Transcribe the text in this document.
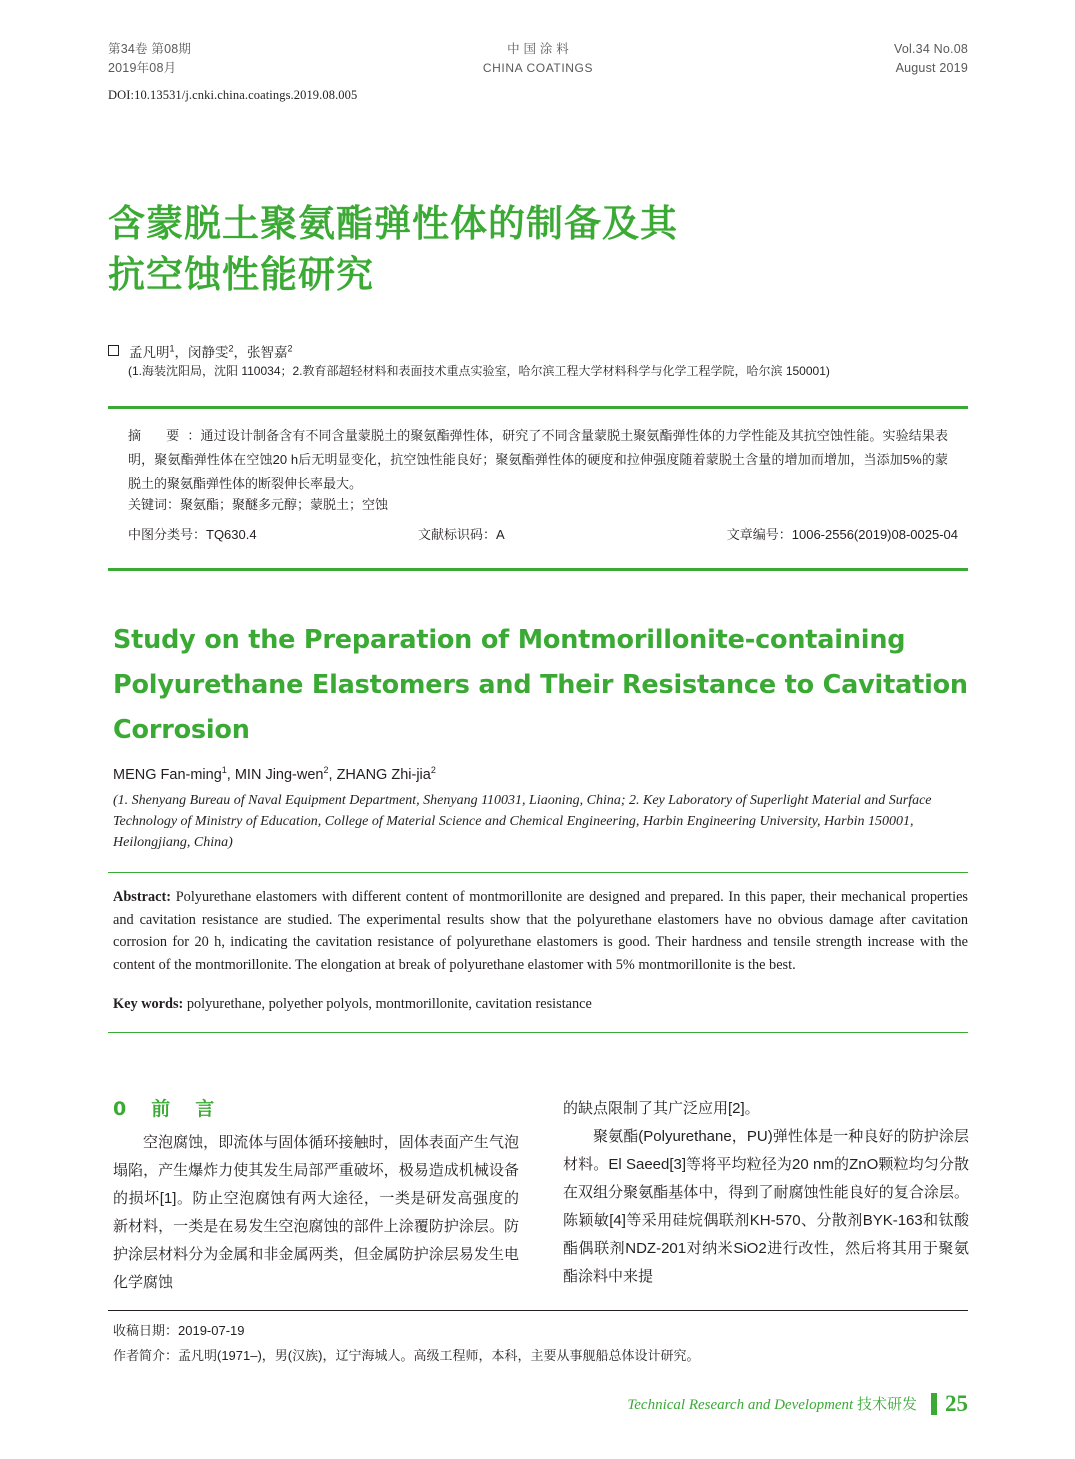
第34卷 第08期
2019年08月
中 国 涂 料
CHINA COATINGS
Vol.34 No.08
August 2019
DOI:10.13531/j.cnki.china.coatings.2019.08.005
含蒙脱土聚氨酯弹性体的制备及其
抗空蚀性能研究
孟凡明$^1$，闵静雯$^2$，张智嘉$^2$
(1.海装沈阳局，沈阳 110034；2.教育部超轻材料和表面技术重点实验室，哈尔滨工程大学材料科学与化学工程学院，哈尔滨 150001)
摘　要 ：通过设计制备含有不同含量蒙脱土的聚氨酯弹性体，研究了不同含量蒙脱土聚氨酯弹性体的力学性能及其抗空蚀性能。实验结果表明，聚氨酯弹性体在空蚀20 h后无明显变化，抗空蚀性能良好；聚氨酯弹性体的硬度和拉伸强度随着蒙脱土含量的增加而增加，当添加5%的蒙脱土的聚氨酯弹性体的断裂伸长率最大。
关键词：聚氨酯；聚醚多元醇；蒙脱土；空蚀
中图分类号：TQ630.4	文献标识码：A	文章编号：1006-2556(2019)08-0025-04
Study on the Preparation of Montmorillonite-containing
Polyurethane Elastomers and Their Resistance to Cavitation
Corrosion
MENG Fan-ming$^1$, MIN Jing-wen$^2$, ZHANG Zhi-jia$^2$
(1. Shenyang Bureau of Naval Equipment Department, Shenyang 110031, Liaoning, China; 2. Key Laboratory of Superlight Material and Surface Technology of Ministry of Education, College of Material Science and Chemical Engineering, Harbin Engineering University, Harbin 150001, Heilongjiang, China)
Abstract: Polyurethane elastomers with different content of montmorillonite are designed and prepared. In this paper, their mechanical properties and cavitation resistance are studied. The experimental results show that the polyurethane elastomers have no obvious damage after cavitation corrosion for 20 h, indicating the cavitation resistance of polyurethane elastomers is good. Their hardness and tensile strength increase with the content of the montmorillonite. The elongation at break of polyurethane elastomer with 5% montmorillonite is the best.
Key words: polyurethane, polyether polyols, montmorillonite, cavitation resistance
0　前　言

空泡腐蚀，即流体与固体循环接触时，固体表面产生气泡塌陷，产生爆炸力使其发生局部严重破坏，极易造成机械设备的损坏[1]。防止空泡腐蚀有两大途径，一类是研发高强度的新材料，一类是在易发生空泡腐蚀的部件上涂覆防护涂层。防护涂层材料分为金属和非金属两类，但金属防护涂层易发生电化学腐蚀

的缺点限制了其广泛应用[2]。

聚氨酯(Polyurethane，PU)弹性体是一种良好的防护涂层材料。El Saeed[3]等将平均粒径为20 nm的ZnO颗粒均匀分散在双组分聚氨酯基体中，得到了耐腐蚀性能良好的复合涂层。陈颖敏[4]等采用硅烷偶联剂KH-570、分散剂BYK-163和钛酸酯偶联剂NDZ-201对纳米SiO2进行改性，然后将其用于聚氨酯涂料中来提

收稿日期：2019-07-19
作者简介：孟凡明(1971–)，男(汉族)，辽宁海城人。高级工程师，本科，主要从事舰船总体设计研究。
Technical Research and Development 技术研发 25
